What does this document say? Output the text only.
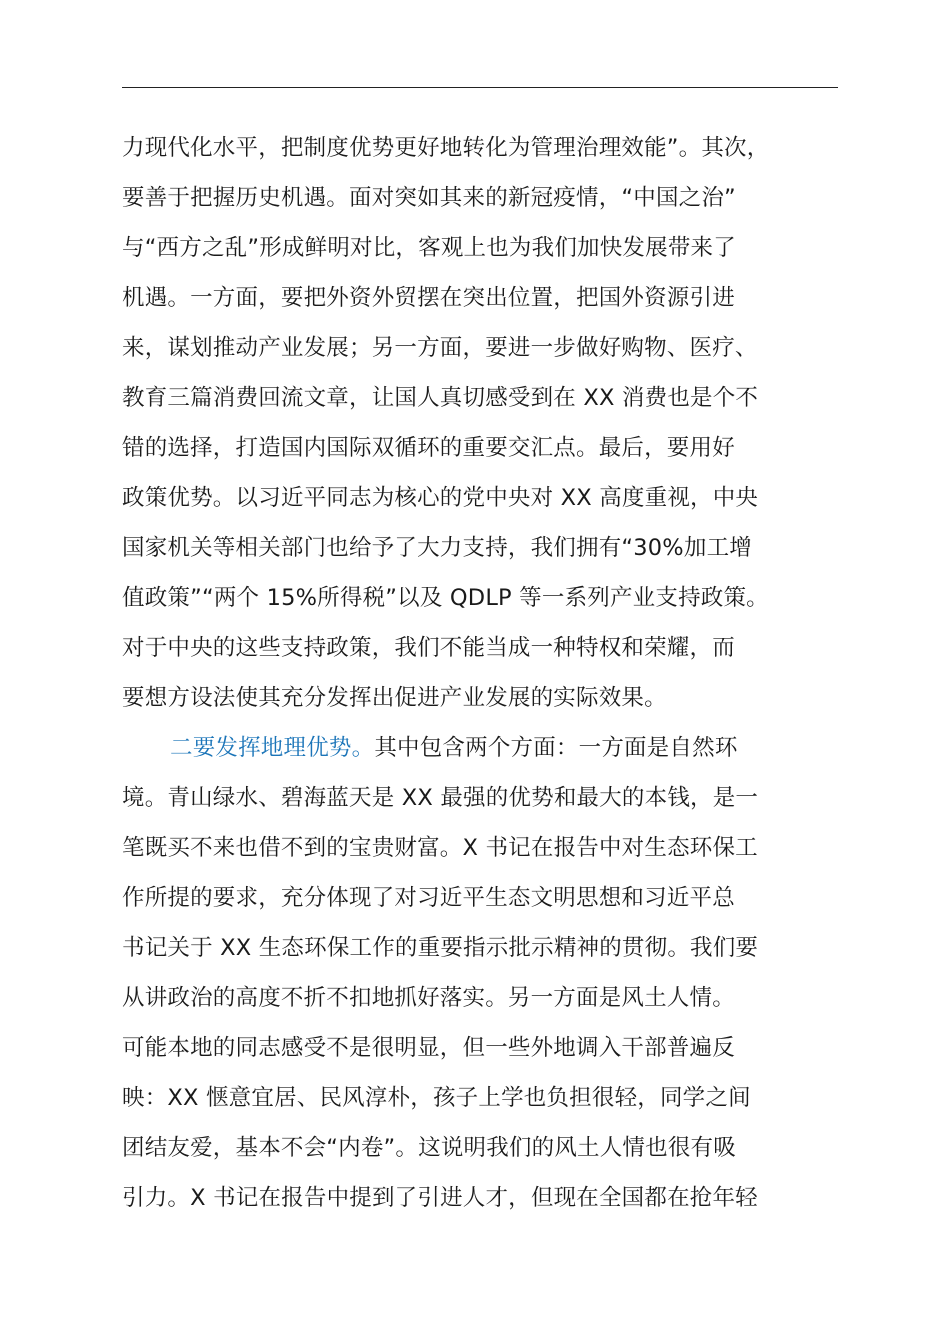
力现代化水平，把制度优势更好地转化为管理治理效能”。其次，
要善于把握历史机遇。面对突如其来的新冠疫情，“中国之治”
与“西方之乱”形成鲜明对比，客观上也为我们加快发展带来了
机遇。一方面，要把外资外贸摆在突出位置，把国外资源引进
来，谋划推动产业发展；另一方面，要进一步做好购物、医疗、
教育三篇消费回流文章，让国人真切感受到在 XX 消费也是个不
错的选择，打造国内国际双循环的重要交汇点。最后，要用好
政策优势。以习近平同志为核心的党中央对 XX 高度重视，中央
国家机关等相关部门也给予了大力支持，我们拥有“30%加工增
值政策”“两个 15%所得税”以及 QDLP 等一系列产业支持政策。
对于中央的这些支持政策，我们不能当成一种特权和荣耀，而
要想方设法使其充分发挥出促进产业发展的实际效果。
二要发挥地理优势。其中包含两个方面：一方面是自然环
境。青山绿水、碧海蓝天是 XX 最强的优势和最大的本钱，是一
笔既买不来也借不到的宝贵财富。X 书记在报告中对生态环保工
作所提的要求，充分体现了对习近平生态文明思想和习近平总
书记关于 XX 生态环保工作的重要指示批示精神的贯彻。我们要
从讲政治的高度不折不扣地抓好落实。另一方面是风土人情。
可能本地的同志感受不是很明显，但一些外地调入干部普遍反
映：XX 惬意宜居、民风淳朴，孩子上学也负担很轻，同学之间
团结友爱，基本不会“内卷”。这说明我们的风土人情也很有吸
引力。X 书记在报告中提到了引进人才，但现在全国都在抢年轻
